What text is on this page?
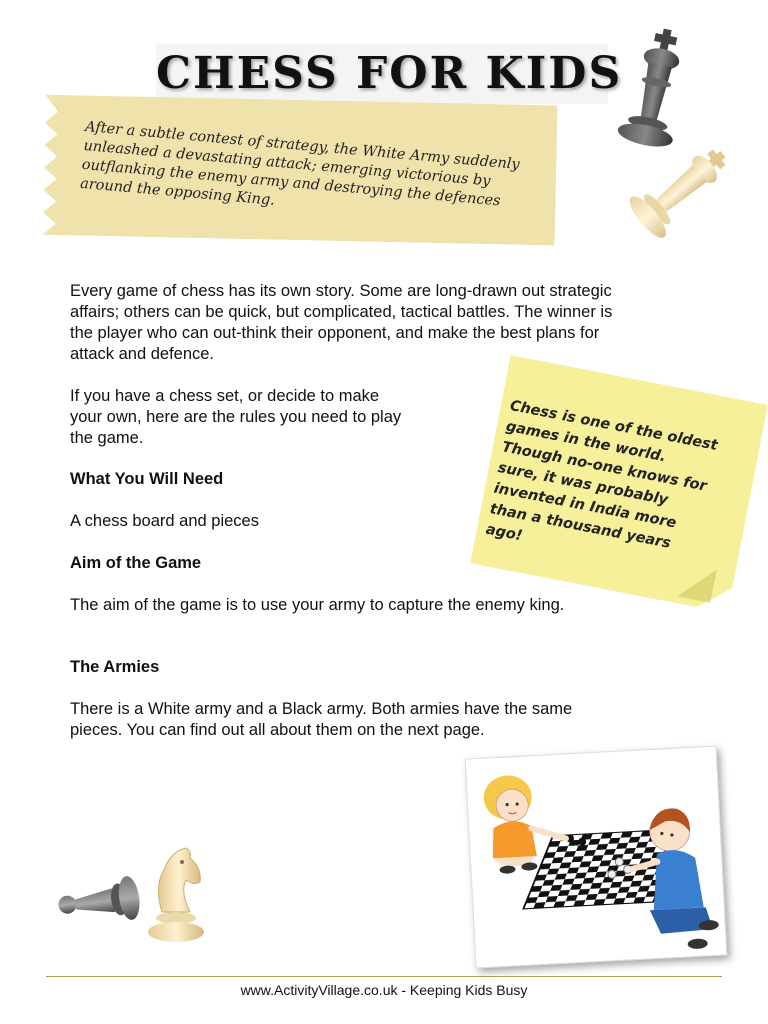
CHESS FOR KIDS
After a subtle contest of strategy, the White Army suddenly unleashed a devastating attack; emerging victorious by outflanking the enemy army and destroying the defences around the opposing King.

Every game of chess has its own story. Some are long-drawn out strategic affairs; others can be quick, but complicated, tactical battles. The winner is the player who can out-think their opponent, and make the best plans for attack and defence.

If you have a chess set, or decide to make your own, here are the rules you need to play the game.

What You Will Need

A chess board and pieces

Aim of the Game

The aim of the game is to use your army to capture the enemy king.

The Armies

There is a White army and a Black army. Both armies have the same pieces. You can find out all about them on the next page.

Chess is one of the oldest games in the world. Though no-one knows for sure, it was probably invented in India more than a thousand years ago!
www.ActivityVillage.co.uk - Keeping Kids Busy
